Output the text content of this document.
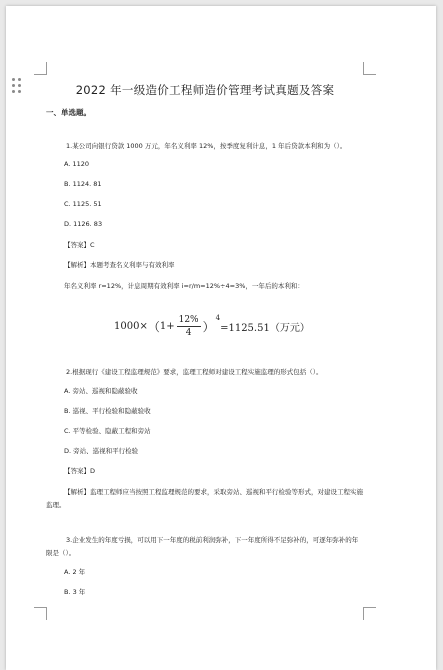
2022 年一级造价工程师造价管理考试真题及答案
一、单选题。
1.某公司向银行贷款 1000 万元，年名义利率 12%，按季度复利计息，1 年后贷款本利和为（）。
A. 1120
B. 1124. 81
C. 1125. 51
D. 1126. 83
【答案】C
【解析】本题考查名义利率与有效利率
年名义利率 r=12%，计息周期有效利率 i=r/m=12%÷4=3%，一年后的本利和：
1000× （ $1+ \frac{12\%}{4}$ ）
4
=1125.51（万元）
2.根据现行《建设工程监理规范》要求，监理工程师对建设工程实施监理的形式包括（）。
A. 旁站、巡视和隐蔽验收
B. 巡视、平行检验和隐蔽验收
C. 平等检验、隐蔽工程和旁站
D. 旁站、巡视和平行检验
【答案】D
【解析】监理工程师应当按照工程监理规范的要求，采取旁站、巡视和平行检验等形式，对建设工程实施监理。
3.企业发生的年度亏损，可以用下一年度的税前利润弥补，下一年度所得不足弥补的，可逐年弥补的年限是（）。
A. 2 年
B. 3 年
